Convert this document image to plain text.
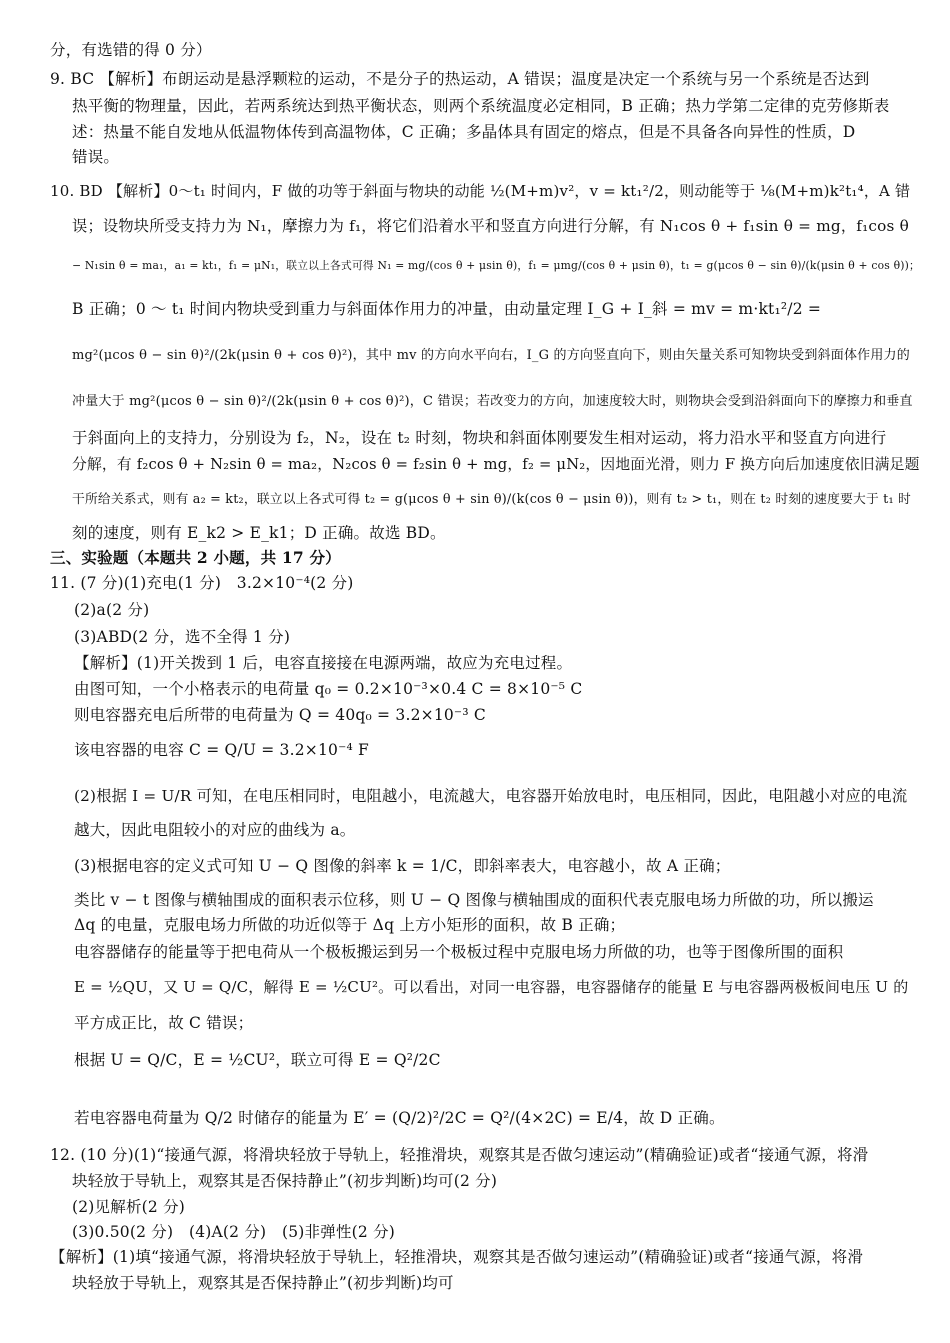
分，有选错的得 0 分）
9. BC 【解析】布朗运动是悬浮颗粒的运动，不是分子的热运动，A 错误；温度是决定一个系统与另一个系统是否达到
热平衡的物理量，因此，若两系统达到热平衡状态，则两个系统温度必定相同，B 正确；热力学第二定律的克劳修斯表
述：热量不能自发地从低温物体传到高温物体，C 正确；多晶体具有固定的熔点，但是不具备各向异性的性质，D
错误。
10. BD 【解析】0～t₁ 时间内，F 做的功等于斜面与物块的动能 ½(M+m)v²，v = kt₁²/2，则动能等于 ⅛(M+m)k²t₁⁴，A 错
误；设物块所受支持力为 N₁，摩擦力为 f₁，将它们沿着水平和竖直方向进行分解，有 N₁cos θ + f₁sin θ = mg，f₁cos θ
− N₁sin θ = ma₁，a₁ = kt₁，f₁ = μN₁，联立以上各式可得 N₁ = mg/(cos θ + μsin θ)，f₁ = μmg/(cos θ + μsin θ)，t₁ = g(μcos θ − sin θ)/(k(μsin θ + cos θ))；
B 正确；0 ～ t₁ 时间内物块受到重力与斜面体作用力的冲量，由动量定理 I_G + I_斜 = mv = m·kt₁²/2 =
mg²(μcos θ − sin θ)²/(2k(μsin θ + cos θ)²)，其中 mv 的方向水平向右，I_G 的方向竖直向下，则由矢量关系可知物块受到斜面体作用力的
冲量大于 mg²(μcos θ − sin θ)²/(2k(μsin θ + cos θ)²)，C 错误；若改变力的方向，加速度较大时，则物块会受到沿斜面向下的摩擦力和垂直
于斜面向上的支持力，分别设为 f₂，N₂，设在 t₂ 时刻，物块和斜面体刚要发生相对运动，将力沿水平和竖直方向进行
分解，有 f₂cos θ + N₂sin θ = ma₂，N₂cos θ = f₂sin θ + mg，f₂ = μN₂，因地面光滑，则力 F 换方向后加速度依旧满足题
干所给关系式，则有 a₂ = kt₂，联立以上各式可得 t₂ = g(μcos θ + sin θ)/(k(cos θ − μsin θ))，则有 t₂ > t₁，则在 t₂ 时刻的速度要大于 t₁ 时
刻的速度，则有 E_k2 > E_k1；D 正确。故选 BD。
三、实验题（本题共 2 小题，共 17 分）
11. (7 分)(1)充电(1 分)　3.2×10⁻⁴(2 分)
(2)a(2 分)
(3)ABD(2 分，选不全得 1 分)
【解析】(1)开关拨到 1 后，电容直接接在电源两端，故应为充电过程。
由图可知，一个小格表示的电荷量 q₀ = 0.2×10⁻³×0.4 C = 8×10⁻⁵ C
则电容器充电后所带的电荷量为 Q = 40q₀ = 3.2×10⁻³ C
该电容器的电容 C = Q/U = 3.2×10⁻⁴ F
(2)根据 I = U/R 可知，在电压相同时，电阻越小，电流越大，电容器开始放电时，电压相同，因此，电阻越小对应的电流
越大，因此电阻较小的对应的曲线为 a。
(3)根据电容的定义式可知 U − Q 图像的斜率 k = 1/C，即斜率表大，电容越小，故 A 正确；
类比 v − t 图像与横轴围成的面积表示位移，则 U − Q 图像与横轴围成的面积代表克服电场力所做的功，所以搬运
Δq 的电量，克服电场力所做的功近似等于 Δq 上方小矩形的面积，故 B 正确；
电容器储存的能量等于把电荷从一个极板搬运到另一个极板过程中克服电场力所做的功，也等于图像所围的面积
E = ½QU，又 U = Q/C，解得 E = ½CU²。可以看出，对同一电容器，电容器储存的能量 E 与电容器两极板间电压 U 的
平方成正比，故 C 错误；
根据 U = Q/C，E = ½CU²，联立可得 E = Q²/2C
若电容器电荷量为 Q/2 时储存的能量为 E′ = (Q/2)²/2C = Q²/(4×2C) = E/4，故 D 正确。
12. (10 分)(1)“接通气源，将滑块轻放于导轨上，轻推滑块，观察其是否做匀速运动”(精确验证)或者“接通气源，将滑
块轻放于导轨上，观察其是否保持静止”(初步判断)均可(2 分)
(2)见解析(2 分)
(3)0.50(2 分)　(4)A(2 分)　(5)非弹性(2 分)
【解析】(1)填“接通气源，将滑块轻放于导轨上，轻推滑块，观察其是否做匀速运动”(精确验证)或者“接通气源，将滑
块轻放于导轨上，观察其是否保持静止”(初步判断)均可
